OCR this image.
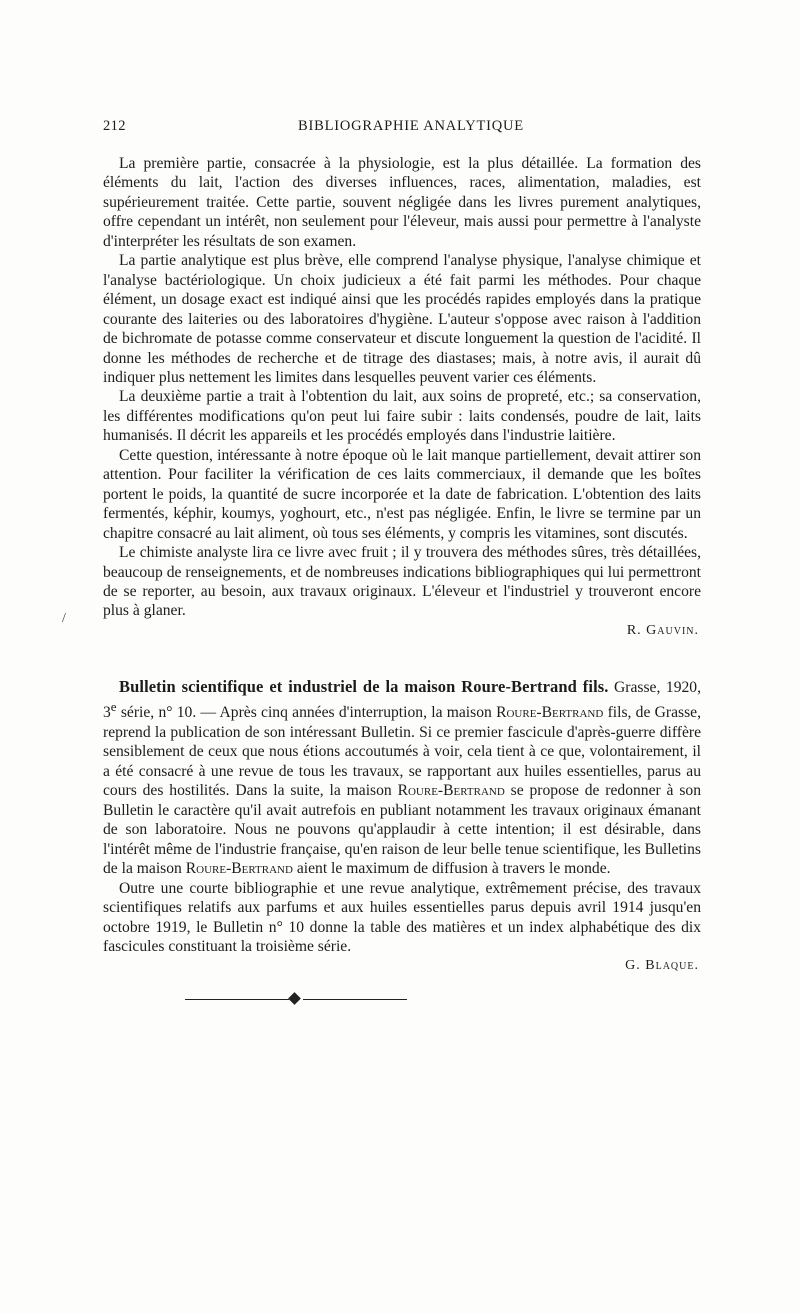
/
212	BIBLIOGRAPHIE ANALYTIQUE

La première partie, consacrée à la physiologie, est la plus détaillée. La formation des éléments du lait, l'action des diverses influences, races, alimentation, maladies, est supérieurement traitée. Cette partie, souvent négligée dans les livres purement analytiques, offre cependant un intérêt, non seulement pour l'éleveur, mais aussi pour permettre à l'analyste d'interpréter les résultats de son examen.

La partie analytique est plus brève, elle comprend l'analyse physique, l'analyse chimique et l'analyse bactériologique. Un choix judicieux a été fait parmi les méthodes. Pour chaque élément, un dosage exact est indiqué ainsi que les procédés rapides employés dans la pratique courante des laiteries ou des laboratoires d'hygiène. L'auteur s'oppose avec raison à l'addition de bichromate de potasse comme conservateur et discute longuement la question de l'acidité. Il donne les méthodes de recherche et de titrage des diastases; mais, à notre avis, il aurait dû indiquer plus nettement les limites dans lesquelles peuvent varier ces éléments.

La deuxième partie a trait à l'obtention du lait, aux soins de propreté, etc.; sa conservation, les différentes modifications qu'on peut lui faire subir : laits condensés, poudre de lait, laits humanisés. Il décrit les appareils et les procédés employés dans l'industrie laitière.

Cette question, intéressante à notre époque où le lait manque partiellement, devait attirer son attention. Pour faciliter la vérification de ces laits commerciaux, il demande que les boîtes portent le poids, la quantité de sucre incorporée et la date de fabrication. L'obtention des laits fermentés, képhir, koumys, yoghourt, etc., n'est pas négligée. Enfin, le livre se termine par un chapitre consacré au lait aliment, où tous ses éléments, y compris les vitamines, sont discutés.

Le chimiste analyste lira ce livre avec fruit ; il y trouvera des méthodes sûres, très détaillées, beaucoup de renseignements, et de nombreuses indications bibliographiques qui lui permettront de se reporter, au besoin, aux travaux originaux. L'éleveur et l'industriel y trouveront encore plus à glaner.

R. Gauvin.

Bulletin scientifique et industriel de la maison Roure-Bertrand fils. Grasse, 1920, 3e série, n° 10. — Après cinq années d'interruption, la maison Roure-Bertrand fils, de Grasse, reprend la publication de son intéressant Bulletin. Si ce premier fascicule d'après-guerre diffère sensiblement de ceux que nous étions accoutumés à voir, cela tient à ce que, volontairement, il a été consacré à une revue de tous les travaux, se rapportant aux huiles essentielles, parus au cours des hostilités. Dans la suite, la maison Roure-Bertrand se propose de redonner à son Bulletin le caractère qu'il avait autrefois en publiant notamment les travaux originaux émanant de son laboratoire. Nous ne pouvons qu'applaudir à cette intention; il est désirable, dans l'intérêt même de l'industrie française, qu'en raison de leur belle tenue scientifique, les Bulletins de la maison Roure-Bertrand aient le maximum de diffusion à travers le monde.

Outre une courte bibliographie et une revue analytique, extrêmement précise, des travaux scientifiques relatifs aux parfums et aux huiles essentielles parus depuis avril 1914 jusqu'en octobre 1919, le Bulletin n° 10 donne la table des matières et un index alphabétique des dix fascicules constituant la troisième série.

G. Blaque.
